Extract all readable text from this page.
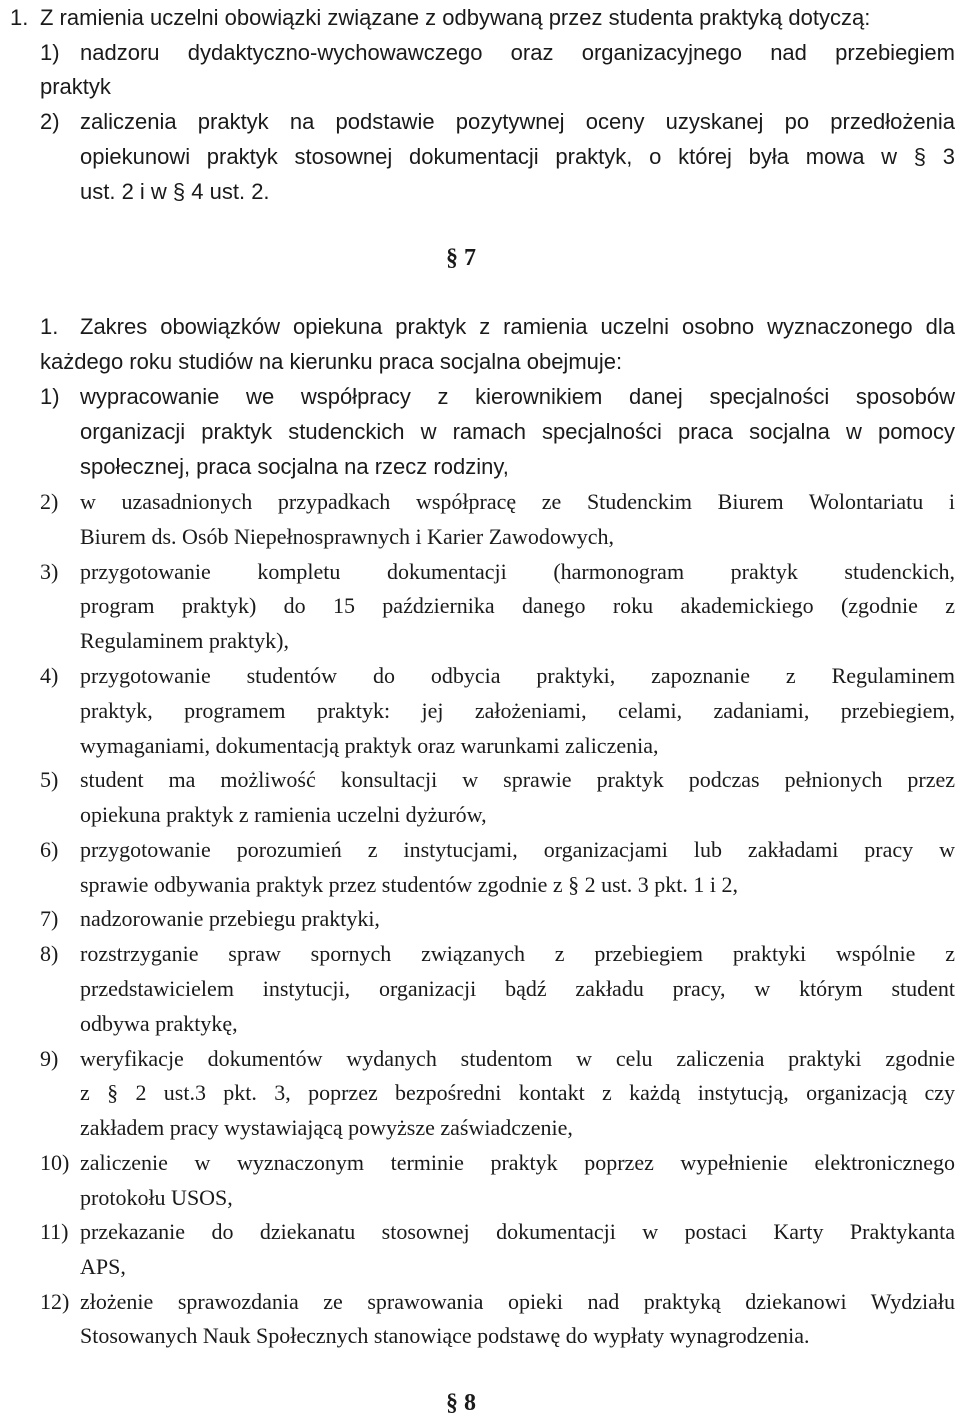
1. Z ramienia uczelni obowiązki związane z odbywaną przez studenta praktyką dotyczą:
1) nadzoru dydaktyczno-wychowawczego oraz organizacyjnego nad przebiegiem
praktyk
2) zaliczenia praktyk na podstawie pozytywnej oceny uzyskanej po przedłożenia
opiekunowi praktyk stosownej dokumentacji praktyk, o której była mowa w § 3
ust. 2 i w § 4 ust. 2.
§ 7
1. Zakres obowiązków opiekuna praktyk z ramienia uczelni osobno wyznaczonego dla
każdego roku studiów na kierunku praca socjalna obejmuje:
1) wypracowanie we współpracy z kierownikiem danej specjalności sposobów
organizacji praktyk studenckich w ramach specjalności praca socjalna w pomocy
społecznej, praca socjalna na rzecz rodziny,
2) w uzasadnionych przypadkach współpracę ze Studenckim Biurem Wolontariatu i
Biurem ds. Osób Niepełnosprawnych i Karier Zawodowych,
3) przygotowanie kompletu dokumentacji (harmonogram praktyk studenckich,
program praktyk) do 15 października danego roku akademickiego (zgodnie z
Regulaminem praktyk),
4) przygotowanie studentów do odbycia praktyki, zapoznanie z Regulaminem
praktyk, programem praktyk: jej założeniami, celami, zadaniami, przebiegiem,
wymaganiami, dokumentacją praktyk oraz warunkami zaliczenia,
5) student ma możliwość konsultacji w sprawie praktyk podczas pełnionych przez
opiekuna praktyk z ramienia uczelni dyżurów,
6) przygotowanie porozumień z instytucjami, organizacjami lub zakładami pracy w
sprawie odbywania praktyk przez studentów zgodnie z § 2 ust. 3 pkt. 1 i 2,
7) nadzorowanie przebiegu praktyki,
8) rozstrzyganie spraw spornych związanych z przebiegiem praktyki wspólnie z
przedstawicielem instytucji, organizacji bądź zakładu pracy, w którym student
odbywa praktykę,
9) weryfikacje dokumentów wydanych studentom w celu zaliczenia praktyki zgodnie
z § 2 ust.3 pkt. 3, poprzez bezpośredni kontakt z każdą instytucją, organizacją czy
zakładem pracy wystawiającą powyższe zaświadczenie,
10) zaliczenie w wyznaczonym terminie praktyk poprzez wypełnienie elektronicznego
protokołu USOS,
11) przekazanie do dziekanatu stosownej dokumentacji w postaci Karty Praktykanta
APS,
12) złożenie sprawozdania ze sprawowania opieki nad praktyką dziekanowi Wydziału
Stosowanych Nauk Społecznych stanowiące podstawę do wypłaty wynagrodzenia.
§ 8
